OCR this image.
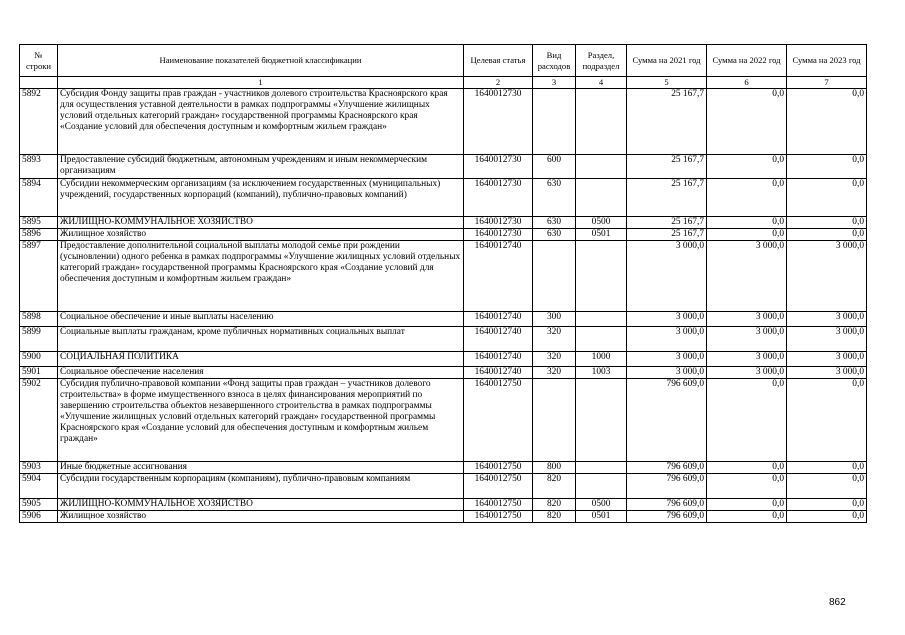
№ строки	Наименование показателей бюджетной классификации	Целевая статья	Вид расходов	Раздел, подраздел	Сумма на 2021 год	Сумма на 2022 год	Сумма на 2023 год
	1	2	3	4	5	6	7
5892	Субсидия Фонду защиты прав граждан - участников долевого строительства Красноярского края для осуществления уставной деятельности в рамках подпрограммы «Улучшение жилищных условий отдельных категорий граждан» государственной программы Красноярского края «Создание условий для обеспечения доступным и комфортным жильем граждан»	1640012730			25 167,7	0,0	0,0
5893	Предоставление субсидий бюджетным, автономным учреждениям и иным некоммерческим организациям	1640012730	600		25 167,7	0,0	0,0
5894	Субсидии некоммерческим организациям (за исключением государственных (муниципальных) учреждений, государственных корпораций (компаний), публично-правовых компаний)	1640012730	630		25 167,7	0,0	0,0
5895	ЖИЛИЩНО-КОММУНАЛЬНОЕ ХОЗЯЙСТВО	1640012730	630	0500	25 167,7	0,0	0,0
5896	Жилищное хозяйство	1640012730	630	0501	25 167,7	0,0	0,0
5897	Предоставление дополнительной социальной выплаты молодой семье при рождении (усыновлении) одного ребенка в рамках подпрограммы «Улучшение жилищных условий отдельных категорий граждан» государственной программы Красноярского края «Создание условий для обеспечения доступным и комфортным жильем граждан»	1640012740			3 000,0	3 000,0	3 000,0
5898	Социальное обеспечение и иные выплаты населению	1640012740	300		3 000,0	3 000,0	3 000,0
5899	Социальные выплаты гражданам, кроме публичных нормативных социальных выплат	1640012740	320		3 000,0	3 000,0	3 000,0
5900	СОЦИАЛЬНАЯ ПОЛИТИКА	1640012740	320	1000	3 000,0	3 000,0	3 000,0
5901	Социальное обеспечение населения	1640012740	320	1003	3 000,0	3 000,0	3 000,0
5902	Субсидия публично-правовой компании «Фонд защиты прав граждан – участников долевого строительства» в форме имущественного взноса в целях финансирования мероприятий по завершению строительства объектов незавершенного строительства в рамках подпрограммы «Улучшение жилищных условий отдельных категорий граждан» государственной программы Красноярского края «Создание условий для обеспечения доступным и комфортным жильем граждан»	1640012750			796 609,0	0,0	0,0
5903	Иные бюджетные ассигнования	1640012750	800		796 609,0	0,0	0,0
5904	Субсидии государственным корпорациям (компаниям), публично-правовым компаниям	1640012750	820		796 609,0	0,0	0,0
5905	ЖИЛИЩНО-КОММУНАЛЬНОЕ ХОЗЯЙСТВО	1640012750	820	0500	796 609,0	0,0	0,0
5906	Жилищное хозяйство	1640012750	820	0501	796 609,0	0,0	0,0
862
